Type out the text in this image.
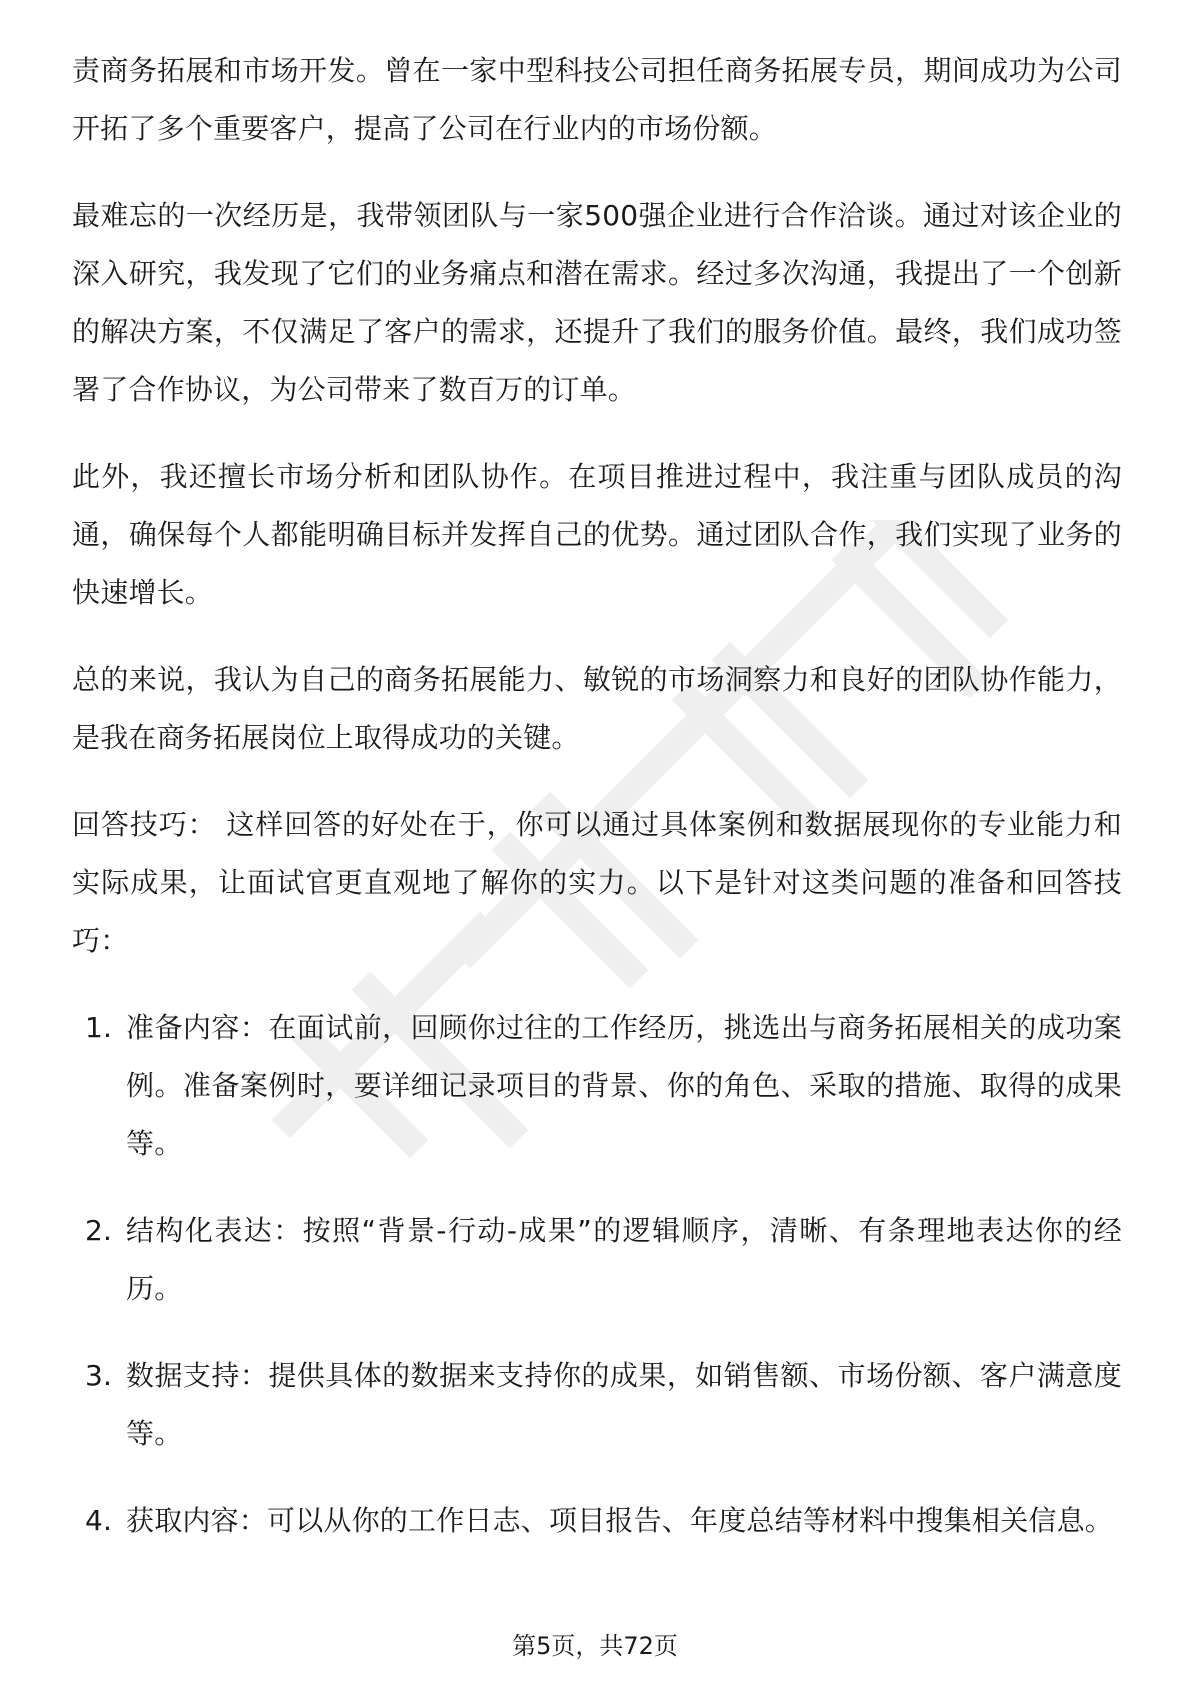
责商务拓展和市场开发。曾在一家中型科技公司担任商务拓展专员，期间成功为公司开拓了多个重要客户，提高了公司在行业内的市场份额。

最难忘的一次经历是，我带领团队与一家500强企业进行合作洽谈。通过对该企业的深入研究，我发现了它们的业务痛点和潜在需求。经过多次沟通，我提出了一个创新的解决方案，不仅满足了客户的需求，还提升了我们的服务价值。最终，我们成功签署了合作协议，为公司带来了数百万的订单。

此外，我还擅长市场分析和团队协作。在项目推进过程中，我注重与团队成员的沟通，确保每个人都能明确目标并发挥自己的优势。通过团队合作，我们实现了业务的快速增长。

总的来说，我认为自己的商务拓展能力、敏锐的市场洞察力和良好的团队协作能力，是我在商务拓展岗位上取得成功的关键。

回答技巧： 这样回答的好处在于，你可以通过具体案例和数据展现你的专业能力和实际成果，让面试官更直观地了解你的实力。以下是针对这类问题的准备和回答技巧：

1. 准备内容：在面试前，回顾你过往的工作经历，挑选出与商务拓展相关的成功案例。准备案例时，要详细记录项目的背景、你的角色、采取的措施、取得的成果等。
2. 结构化表达：按照“背景-行动-成果”的逻辑顺序，清晰、有条理地表达你的经历。
3. 数据支持：提供具体的数据来支持你的成果，如销售额、市场份额、客户满意度等。
4. 获取内容：可以从你的工作日志、项目报告、年度总结等材料中搜集相关信息。
第5页，共72页
